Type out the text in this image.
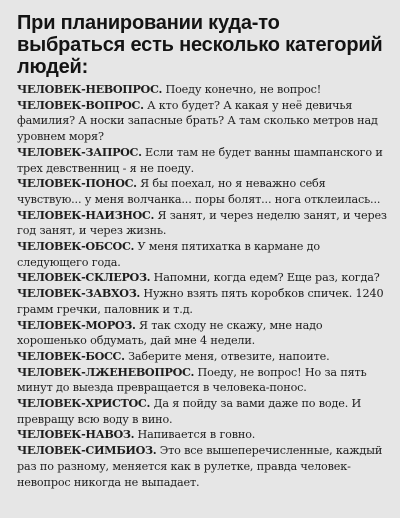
При планировании куда-то выбраться есть несколько категорий людей:

ЧЕЛОВЕК-НЕВОПРОС. Поеду конечно, не вопрос!

ЧЕЛОВЕК-ВОПРОС. А кто будет? А какая у неё девичья фамилия? А носки запасные брать? А там сколько метров над уровнем моря?

ЧЕЛОВЕК-ЗАПРОС. Если там не будет ванны шампанского и трех девственниц - я не поеду.

ЧЕЛОВЕК-ПОНОС. Я бы поехал, но я неважно себя чувствую... у меня волчанка... поры болят... нога отклеилась...

ЧЕЛОВЕК-НАИЗНОС. Я занят, и через неделю занят, и через год занят, и через жизнь.

ЧЕЛОВЕК-ОБСОС. У меня пятихатка в кармане до следующего года.

ЧЕЛОВЕК-СКЛЕРОЗ. Напомни, когда едем? Еще раз, когда?

ЧЕЛОВЕК-ЗАВХОЗ. Нужно взять пять коробков спичек. 1240 грамм гречки, паловник и т.д.

ЧЕЛОВЕК-МОРОЗ. Я так сходу не скажу, мне надо хорошенько обдумать, дай мне 4 недели.

ЧЕЛОВЕК-БОСС. Заберите меня, отвезите, напоите.

ЧЕЛОВЕК-ЛЖЕНЕВОПРОС. Поеду, не вопрос! Но за пять минут до выезда превращается в человека-понос.

ЧЕЛОВЕК-ХРИСТОС. Да я пойду за вами даже по воде. И превращу всю воду в вино.

ЧЕЛОВЕК-НАВОЗ. Напивается в говно.

ЧЕЛОВЕК-СИМБИОЗ. Это все вышеперечисленные, каждый раз по разному, меняется как в рулетке, правда человек-невопрос никогда не выпадает.
